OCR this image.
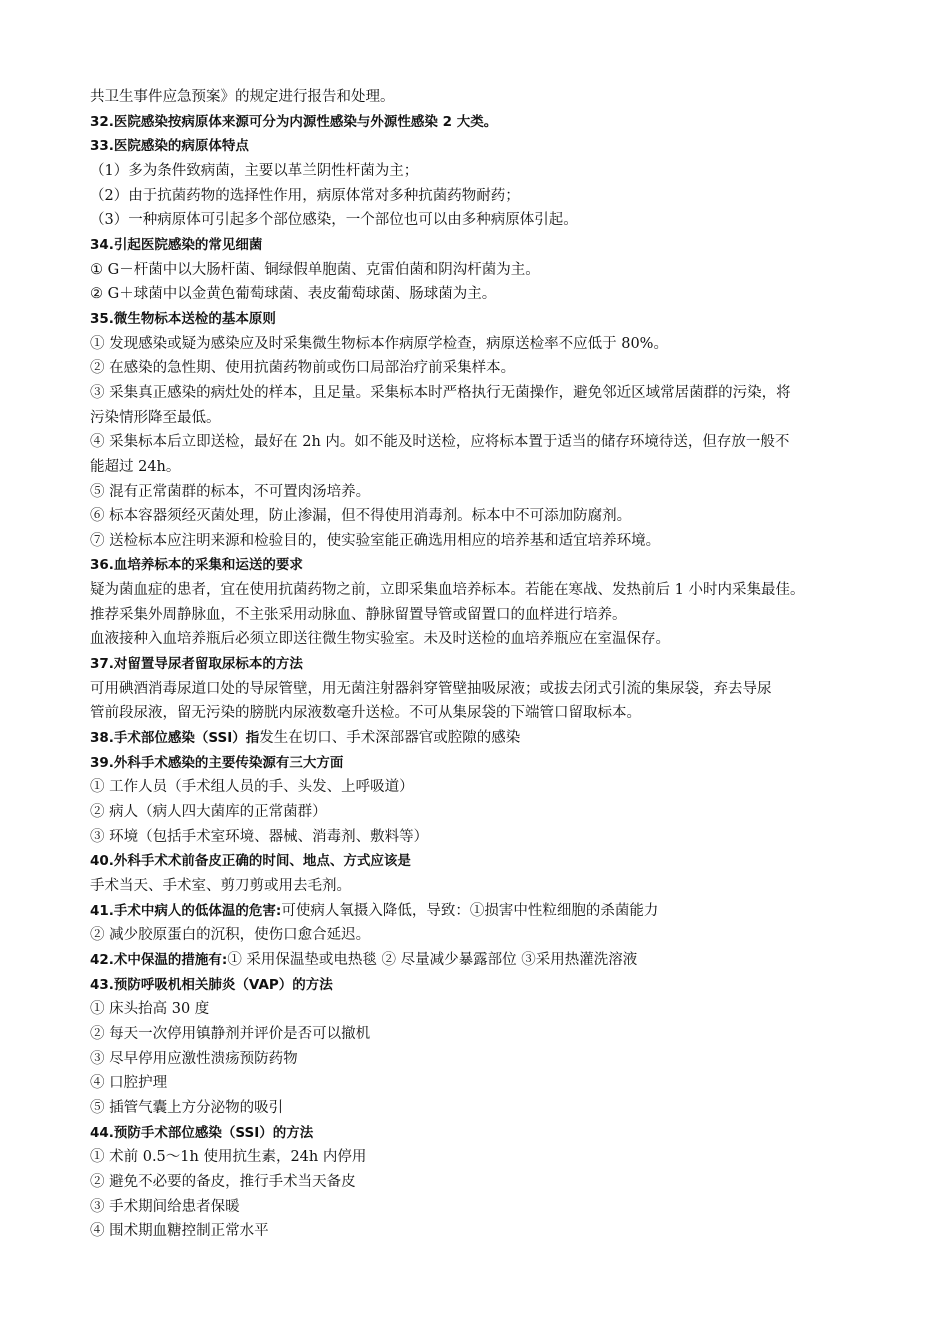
共卫生事件应急预案》的规定进行报告和处理。
32.医院感染按病原体来源可分为内源性感染与外源性感染 2 大类。
33.医院感染的病原体特点
（1）多为条件致病菌，主要以革兰阴性杆菌为主；
（2）由于抗菌药物的选择性作用，病原体常对多种抗菌药物耐药；
（3）一种病原体可引起多个部位感染，一个部位也可以由多种病原体引起。
34.引起医院感染的常见细菌
① G－杆菌中以大肠杆菌、铜绿假单胞菌、克雷伯菌和阴沟杆菌为主。
② G＋球菌中以金黄色葡萄球菌、表皮葡萄球菌、肠球菌为主。
35.微生物标本送检的基本原则
① 发现感染或疑为感染应及时采集微生物标本作病原学检查，病原送检率不应低于 80%。
② 在感染的急性期、使用抗菌药物前或伤口局部治疗前采集样本。
③ 采集真正感染的病灶处的样本，且足量。采集标本时严格执行无菌操作，避免邻近区域常居菌群的污染，将
污染情形降至最低。
④ 采集标本后立即送检，最好在 2h 内。如不能及时送检，应将标本置于适当的储存环境待送，但存放一般不
能超过 24h。
⑤ 混有正常菌群的标本，不可置肉汤培养。
⑥ 标本容器须经灭菌处理，防止渗漏，但不得使用消毒剂。标本中不可添加防腐剂。
⑦ 送检标本应注明来源和检验目的，使实验室能正确选用相应的培养基和适宜培养环境。
36.血培养标本的采集和运送的要求
疑为菌血症的患者，宜在使用抗菌药物之前，立即采集血培养标本。若能在寒战、发热前后 1 小时内采集最佳。
推荐采集外周静脉血，不主张采用动脉血、静脉留置导管或留置口的血样进行培养。
血液接种入血培养瓶后必须立即送往微生物实验室。未及时送检的血培养瓶应在室温保存。
37.对留置导尿者留取尿标本的方法
可用碘酒消毒尿道口处的导尿管壁，用无菌注射器斜穿管壁抽吸尿液；或拔去闭式引流的集尿袋，弃去导尿
管前段尿液，留无污染的膀胱内尿液数毫升送检。不可从集尿袋的下端管口留取标本。
38.手术部位感染（SSI）指发生在切口、手术深部器官或腔隙的感染
39.外科手术感染的主要传染源有三大方面
① 工作人员（手术组人员的手、头发、上呼吸道）
② 病人（病人四大菌库的正常菌群）
③ 环境（包括手术室环境、器械、消毒剂、敷料等）
40.外科手术术前备皮正确的时间、地点、方式应该是
手术当天、手术室、剪刀剪或用去毛剂。
41.手术中病人的低体温的危害:可使病人氧摄入降低，导致：①损害中性粒细胞的杀菌能力
② 减少胶原蛋白的沉积，使伤口愈合延迟。
42.术中保温的措施有:① 采用保温垫或电热毯 ② 尽量减少暴露部位 ③采用热灌洗溶液
43.预防呼吸机相关肺炎（VAP）的方法
① 床头抬高 30 度
② 每天一次停用镇静剂并评价是否可以撤机
③ 尽早停用应激性溃疡预防药物
④ 口腔护理
⑤ 插管气囊上方分泌物的吸引
44.预防手术部位感染（SSI）的方法
① 术前 0.5～1h 使用抗生素，24h 内停用
② 避免不必要的备皮，推行手术当天备皮
③ 手术期间给患者保暖
④ 围术期血糖控制正常水平
